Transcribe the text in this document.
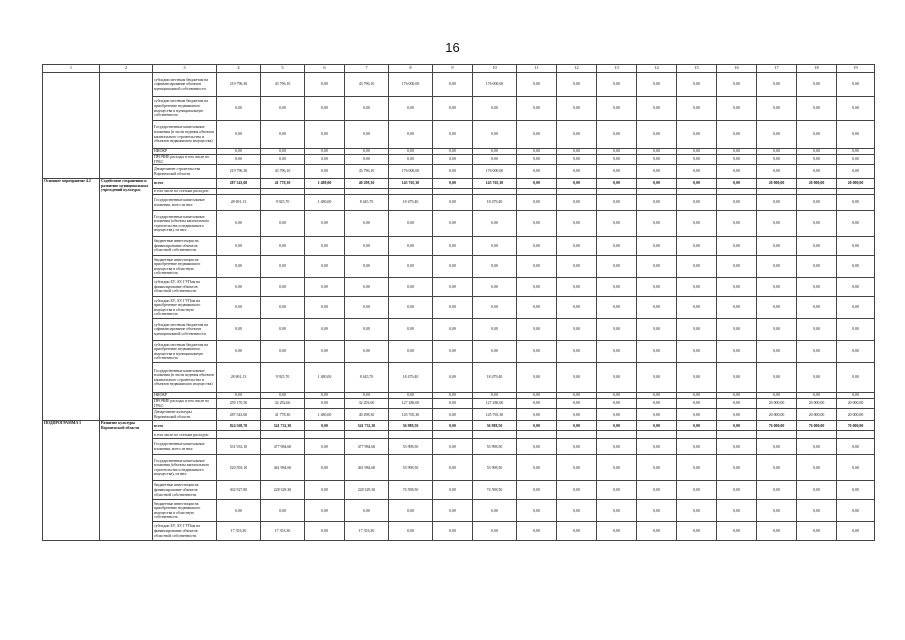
16
1	2	3	4	5	6	7	8	9	10	11	12	13	14	15	16	17	18	19
		субсидии местным бюджетам на софинансирование объектов муниципальной собственности	219 796,30	43 796,10	0,00	43 796,10	176 000,00	0,00	176 000,00	0,00	0,00	0,00	0,00	0,00	0,00	0,00	0,00	0,00
		субсидии местным бюджетам на приобретение недвижимого имущества в муниципальную собственность	0,00	0,00	0,00	0,00	0,00	0,00	0,00	0,00	0,00	0,00	0,00	0,00	0,00	0,00	0,00	0,00
		Государственные капитальные вложения (в части ведения объектов капитального строительства и объектов недвижимого имущества)	0,00	0,00	0,00	0,00	0,00	0,00	0,00	0,00	0,00	0,00	0,00	0,00	0,00	0,00	0,00	0,00
		НИОКР	0,00	0,00	0,00	0,00	0,00	0,00	0,00	0,00	0,00	0,00	0,00	0,00	0,00	0,00	0,00	0,00
		ПРОЧИЕ расходы в том числе по ГРБС:	0,00	0,00	0,00	0,00	0,00	0,00	0,00	0,00	0,00	0,00	0,00	0,00	0,00	0,00	0,00	0,00
		Департамент строительства Воронежской области	219 796,30	43 796,10	0,00	43 796,10	176 000,00	0,00	176 000,00	0,00	0,00	0,00	0,00	0,00	0,00	0,00	0,00	0,00
Основное мероприятие 4.2	Содействие сохранению и развитию муниципальных учреждений культуры	всего	287 543,60	41 778,30	1 480,00	40 298,30	145 765,30	0,00	145 765,30	0,00	0,00	0,00	0,00	0,00	0,00	20 000,00	20 000,00	20 000,00
		в том числе по статьям расходов:																
		Государственные капитальные вложения, всего из них:	28 691,13	9 925,70	1 480,00	8 445,70	18 479,40	0,00	18 479,40	0,00	0,00	0,00	0,00	0,00	0,00	0,00	0,00	0,00
		Государственные капитальные вложения (объекты капитального строительства и недвижимого имущества), из них:	0,00	0,00	0,00	0,00	0,00	0,00	0,00	0,00	0,00	0,00	0,00	0,00	0,00	0,00	0,00	0,00
		бюджетные инвестиции на финансирование объектов областной собственности	0,00	0,00	0,00	0,00	0,00	0,00	0,00	0,00	0,00	0,00	0,00	0,00	0,00	0,00	0,00	0,00
		бюджетные инвестиции на приобретение недвижимого имущества в областную собственность	0,00	0,00	0,00	0,00	0,00	0,00	0,00	0,00	0,00	0,00	0,00	0,00	0,00	0,00	0,00	0,00
		субсидии БУ, АУ, ГУПам на финансирование объектов областной собственности	0,00	0,00	0,00	0,00	0,00	0,00	0,00	0,00	0,00	0,00	0,00	0,00	0,00	0,00	0,00	0,00
		субсидии БУ, АУ, ГУПам на приобретение недвижимого имущества в областную собственность	0,00	0,00	0,00	0,00	0,00	0,00	0,00	0,00	0,00	0,00	0,00	0,00	0,00	0,00	0,00	0,00
		субсидии местным бюджетам на софинансирование объектов муниципальной собственности	0,00	0,00	0,00	0,00	0,00	0,00	0,00	0,00	0,00	0,00	0,00	0,00	0,00	0,00	0,00	0,00
		субсидии местным бюджетам на приобретение недвижимого имущества в муниципальную собственность	0,00	0,00	0,00	0,00	0,00	0,00	0,00	0,00	0,00	0,00	0,00	0,00	0,00	0,00	0,00	0,00
		Государственные капитальные вложения (в части ведения объектов капитального строительства и объектов недвижимого имущества)	28 691,13	9 925,70	1 480,00	8 445,70	18 479,40	0,00	18 479,40	0,00	0,00	0,00	0,00	0,00	0,00	0,00	0,00	0,00
		НИОКР	0,00	0,00	0,00	0,00	0,00	0,00	0,00	0,00	0,00	0,00	0,00	0,00	0,00	0,00	0,00	0,00
		ПРОЧИЕ расходы в том числе по ГРБС:	259 170,50	32 292,60	0,00	32 292,60	127 286,00	0,00	127 286,00	0,00	0,00	0,00	0,00	0,00	0,00	20 000,00	20 000,00	20 000,00
		Департамент культуры Воронежской области	287 543,60	41 778,30	1 480,00	40 298,30	145 765,30	0,00	145 765,30	0,00	0,00	0,00	0,00	0,00	0,00	20 000,00	20 000,00	20 000,00
ПОДПРОГРАММА 5	Развитие культуры Воронежской области	всего	824 568,70	541 732,30	0,00	541 732,30	56 988,50	0,00	56 988,50	0,00	0,00	0,00	0,00	0,00	0,00	76 000,00	76 000,00	76 000,00
		в том числе по статьям расходов:																
		Государственные капитальные вложения, всего из них:	531 933,10	477 984,60	0,00	477 984,60	53 998,50	0,00	53 998,50	0,00	0,00	0,00	0,00	0,00	0,00	0,00	0,00	0,00
		Государственные капитальные вложения (объекты капитального строительства и недвижимого имущества), из них:	520 593,10	461 984,60	0,00	461 984,60	53 998,50	0,00	53 998,50	0,00	0,00	0,00	0,00	0,00	0,00	0,00	0,00	0,00
		бюджетные инвестиции на финансирование объектов областной собственности	302 927,80	228 329,30	0,00	228 329,30	74 598,50	0,00	74 598,50	0,00	0,00	0,00	0,00	0,00	0,00	0,00	0,00	0,00
		бюджетные инвестиции на приобретение недвижимого имущества в областную собственность	0,00	0,00	0,00	0,00	0,00	0,00	0,00	0,00	0,00	0,00	0,00	0,00	0,00	0,00	0,00	0,00
		субсидии БУ, АУ, ГУПам на финансирование объектов областной собственности	17 353,30	17 353,30	0,00	17 353,30	0,00	0,00	0,00	0,00	0,00	0,00	0,00	0,00	0,00	0,00	0,00	0,00
